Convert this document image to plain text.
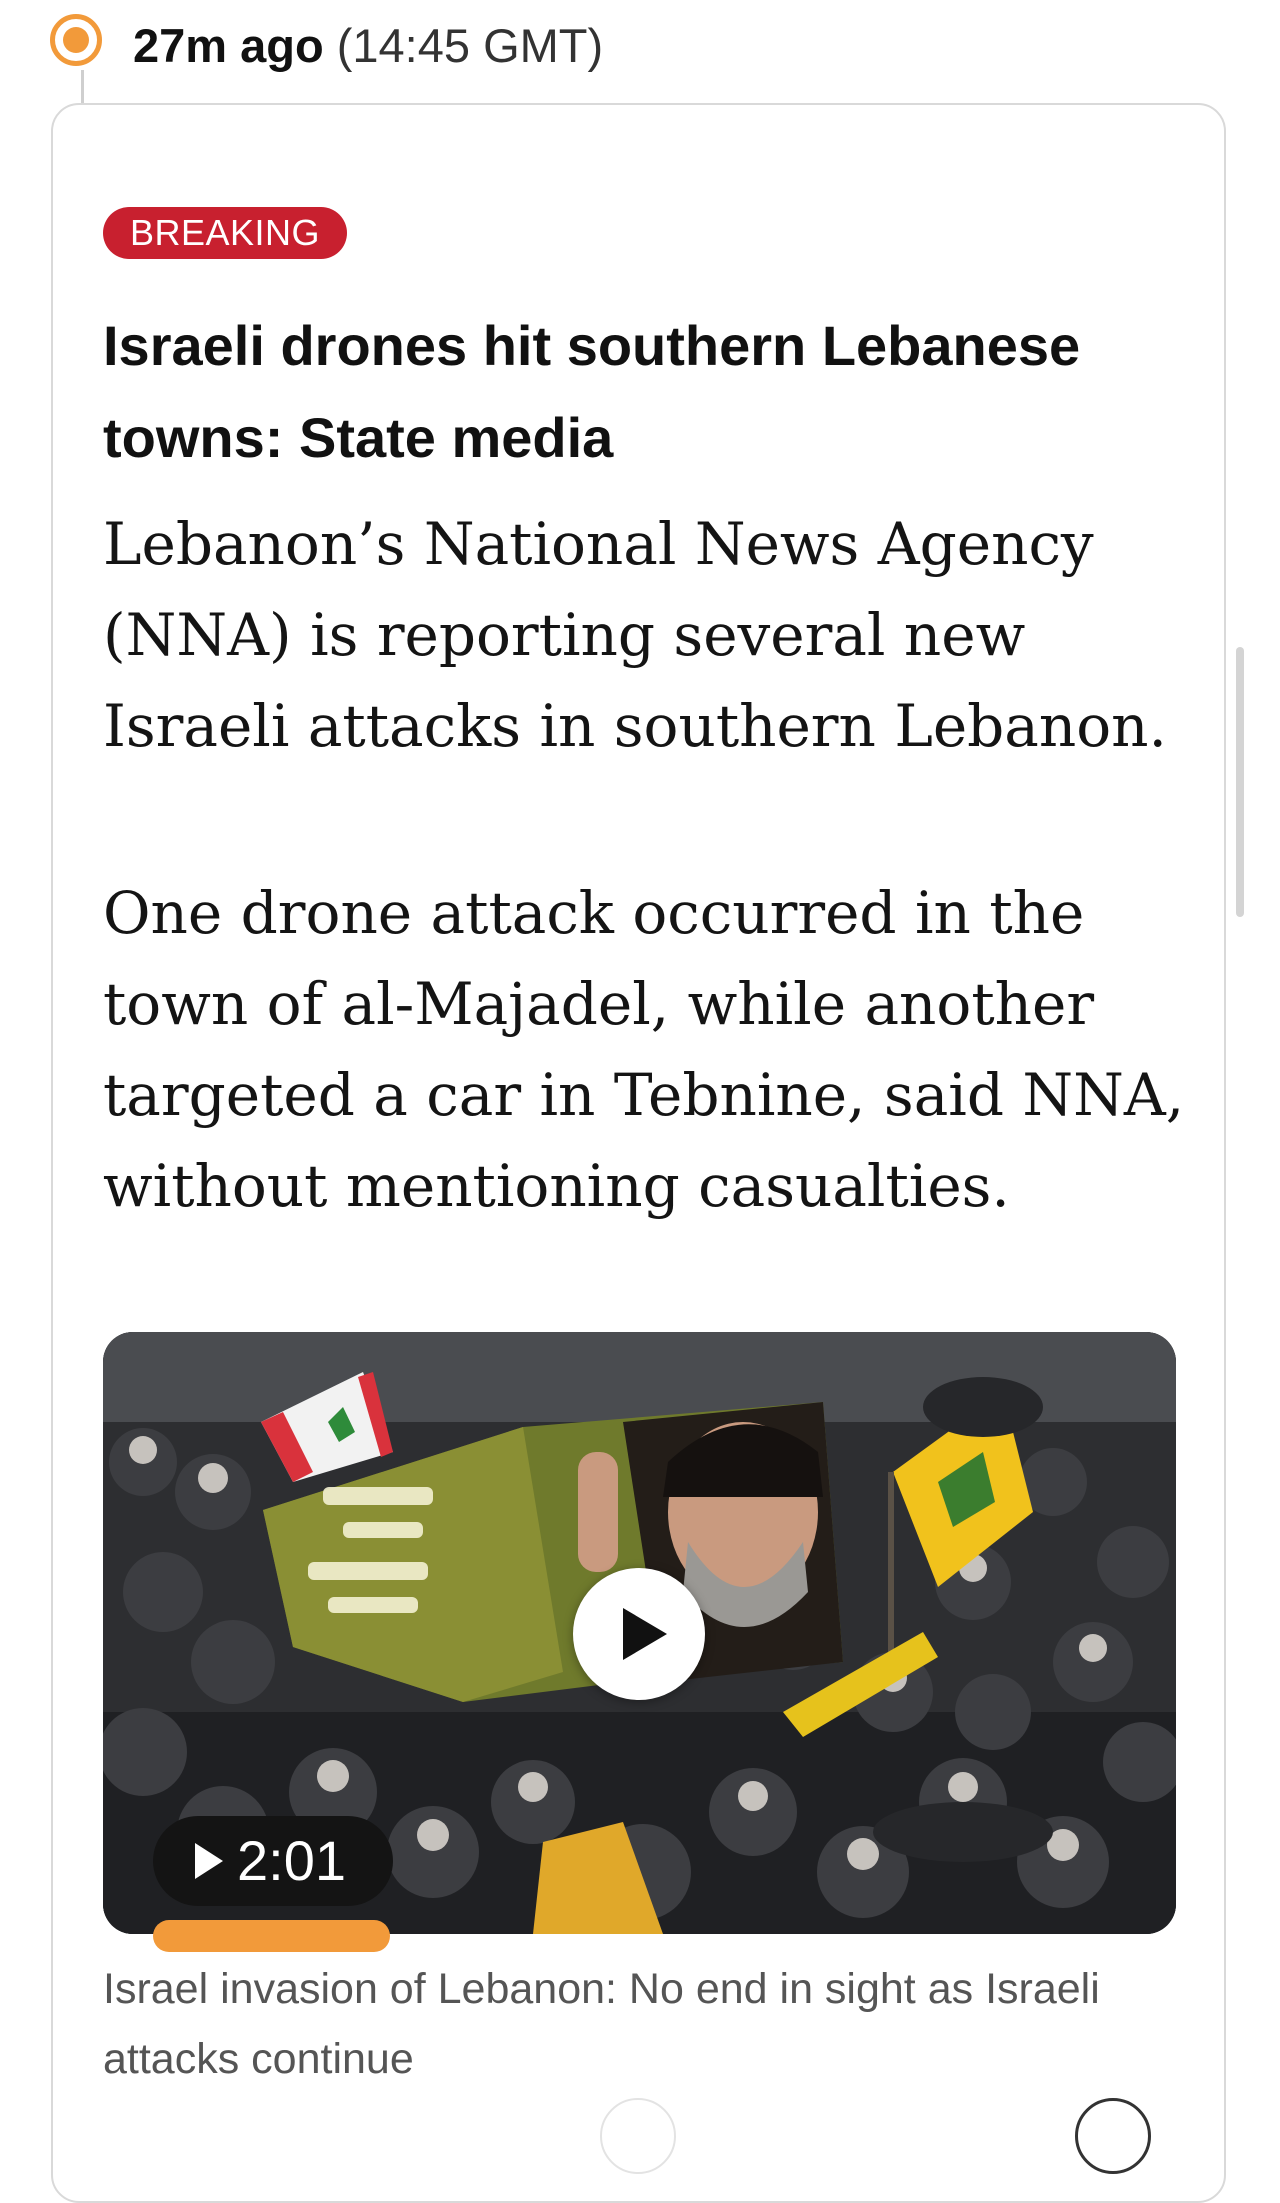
27m ago (14:45 GMT)
BREAKING
Israeli drones hit southern Lebanese
towns: State media

Lebanon’s National News Agency
(NNA) is reporting several new
Israeli attacks in southern Lebanon.

One drone attack occurred in the
town of al-Majadel, while another
targeted a car in Tebnine, said NNA,
without mentioning casualties.

2:01

Israel invasion of Lebanon: No end in sight as Israeli
attacks continue
